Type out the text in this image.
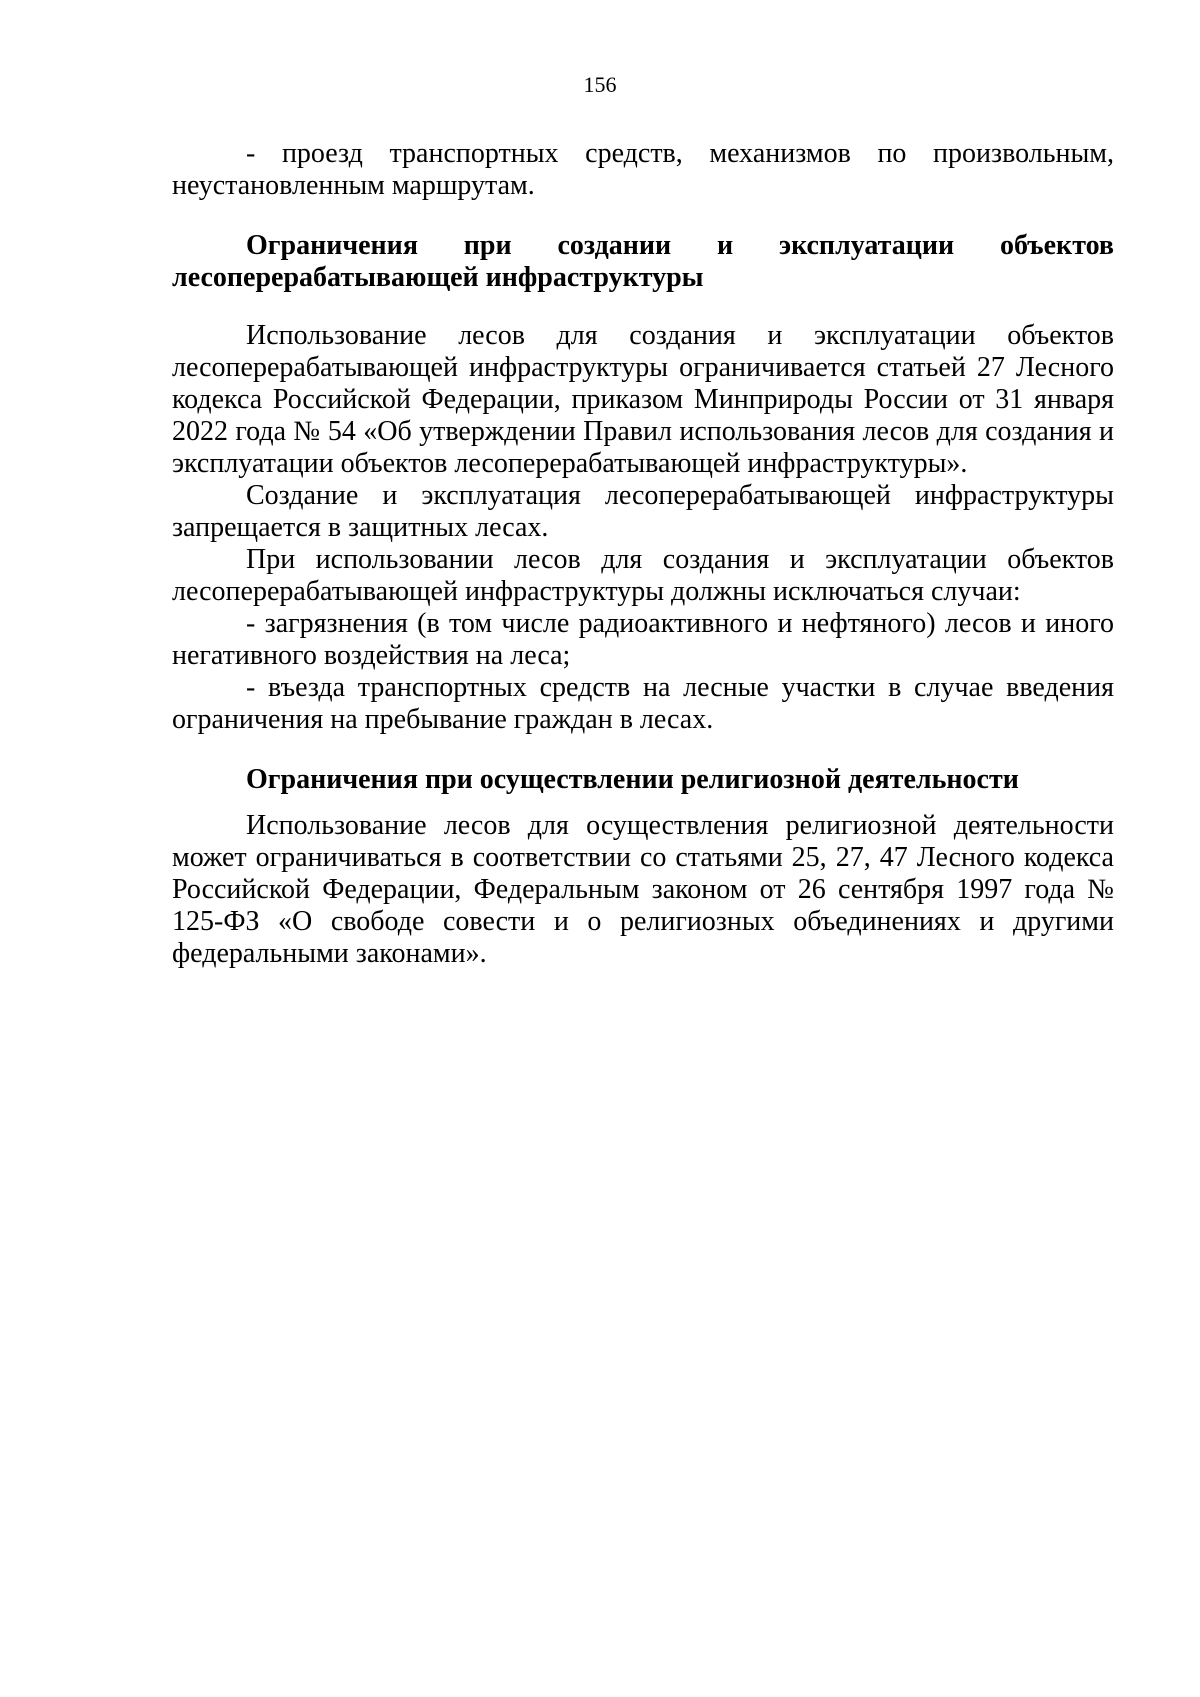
156

- проезд транспортных средств, механизмов по произвольным, неустановленным маршрутам.

Ограничения при создании и эксплуатации объектов лесоперерабатывающей инфраструктуры

Использование лесов для создания и эксплуатации объектов лесоперерабатывающей инфраструктуры ограничивается статьей 27 Лесного кодекса Российской Федерации, приказом Минприроды России от 31 января 2022 года № 54 «Об утверждении Правил использования лесов для создания и эксплуатации объектов лесоперерабатывающей инфраструктуры».

Создание и эксплуатация лесоперерабатывающей инфраструктуры запрещается в защитных лесах.

При использовании лесов для создания и эксплуатации объектов лесоперерабатывающей инфраструктуры должны исключаться случаи:

- загрязнения (в том числе радиоактивного и нефтяного) лесов и иного негативного воздействия на леса;

- въезда транспортных средств на лесные участки в случае введения ограничения на пребывание граждан в лесах.

Ограничения при осуществлении религиозной деятельности

Использование лесов для осуществления религиозной деятельности может ограничиваться в соответствии со статьями 25, 27, 47 Лесного кодекса Российской Федерации, Федеральным законом от 26 сентября 1997 года № 125-ФЗ «О свободе совести и о религиозных объединениях и другими федеральными законами».
